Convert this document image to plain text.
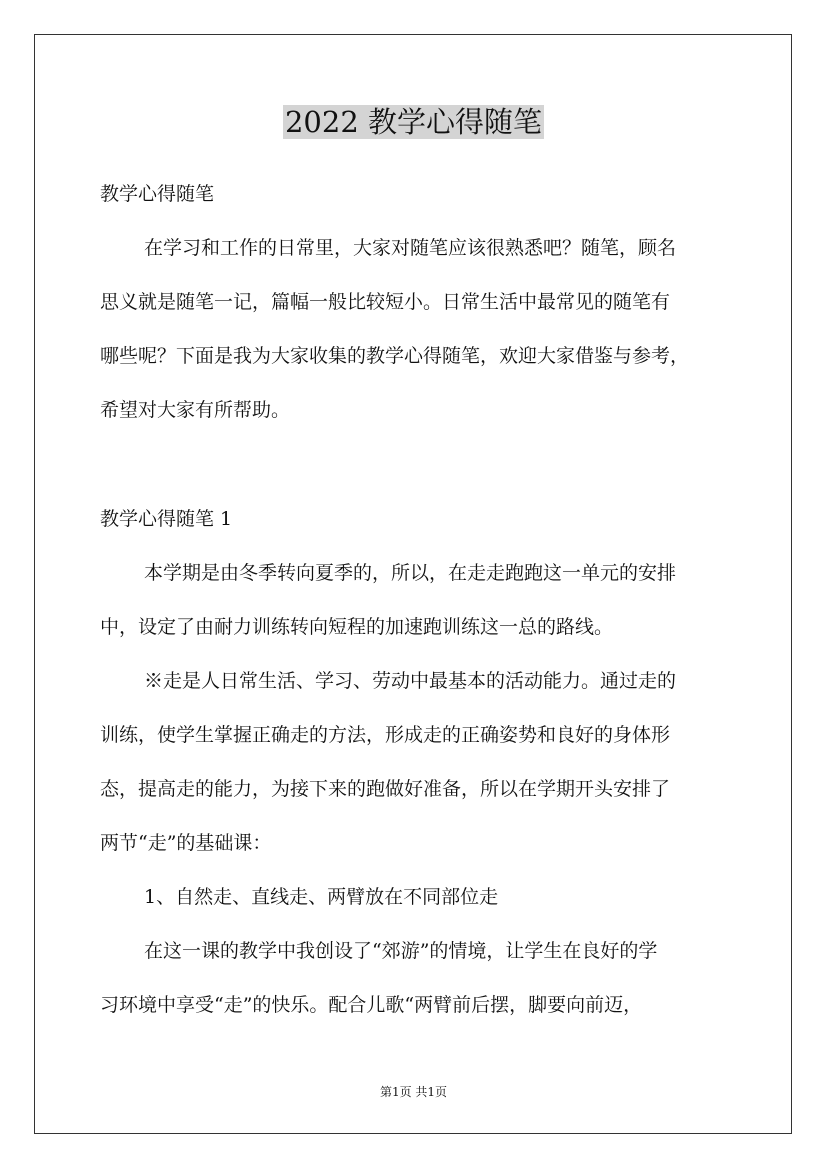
2022 教学心得随笔
教学心得随笔
在学习和工作的日常里，大家对随笔应该很熟悉吧？随笔，顾名
思义就是随笔一记，篇幅一般比较短小。日常生活中最常见的随笔有
哪些呢？下面是我为大家收集的教学心得随笔，欢迎大家借鉴与参考，
希望对大家有所帮助。
教学心得随笔 1
本学期是由冬季转向夏季的，所以，在走走跑跑这一单元的安排
中，设定了由耐力训练转向短程的加速跑训练这一总的路线。
※走是人日常生活、学习、劳动中最基本的活动能力。通过走的
训练，使学生掌握正确走的方法，形成走的正确姿势和良好的身体形
态，提高走的能力，为接下来的跑做好准备，所以在学期开头安排了
两节“走”的基础课：
1、自然走、直线走、两臂放在不同部位走
在这一课的教学中我创设了“郊游”的情境，让学生在良好的学
习环境中享受“走”的快乐。配合儿歌“两臂前后摆，脚要向前迈，
第1页 共1页
